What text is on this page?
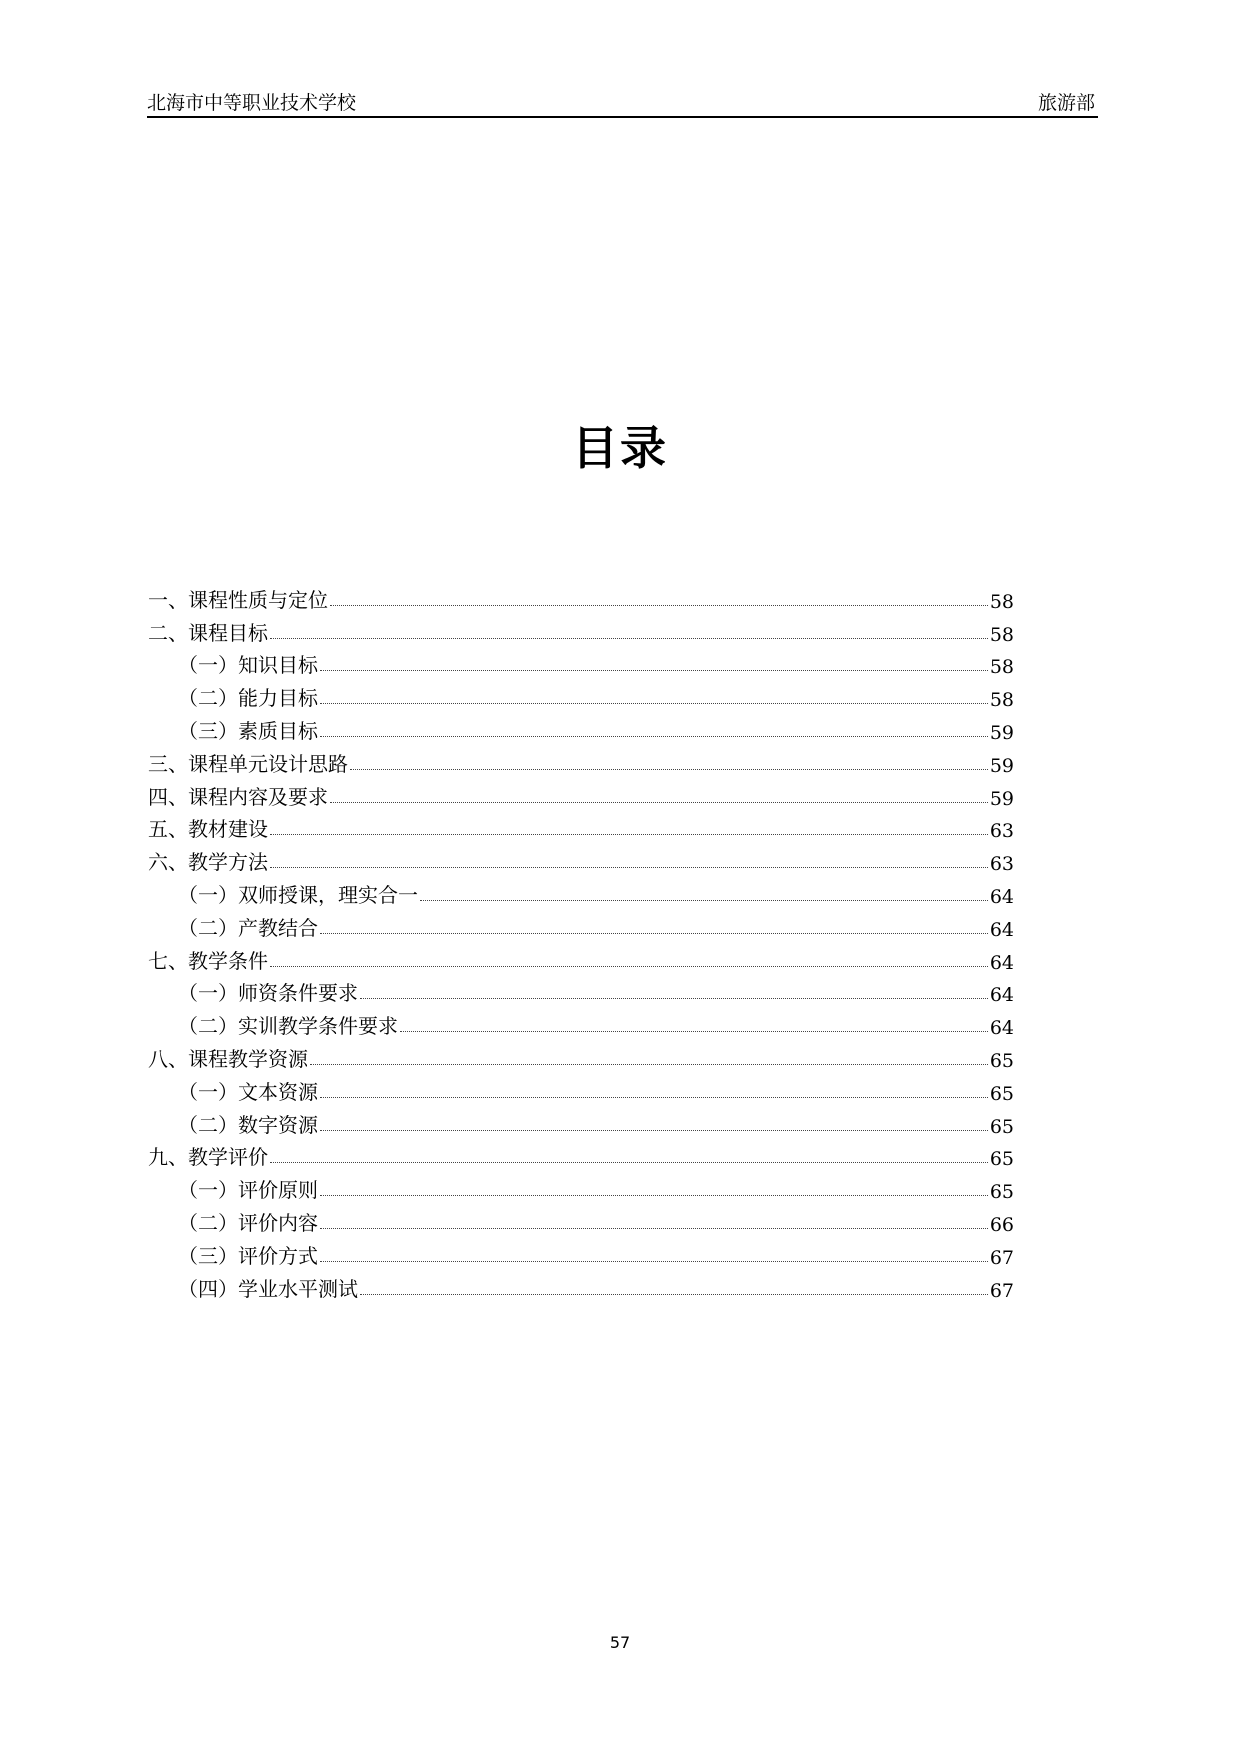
北海市中等职业技术学校	旅游部
目录
一、课程性质与定位	58
二、课程目标	58
（一）知识目标	58
（二）能力目标	58
（三）素质目标	59
三、课程单元设计思路	59
四、课程内容及要求	59
五、教材建设	63
六、教学方法	63
（一）双师授课，理实合一	64
（二）产教结合	64
七、教学条件	64
（一）师资条件要求	64
（二）实训教学条件要求	64
八、课程教学资源	65
（一）文本资源	65
（二）数字资源	65
九、教学评价	65
（一）评价原则	65
（二）评价内容	66
（三）评价方式	67
（四）学业水平测试	67
57
